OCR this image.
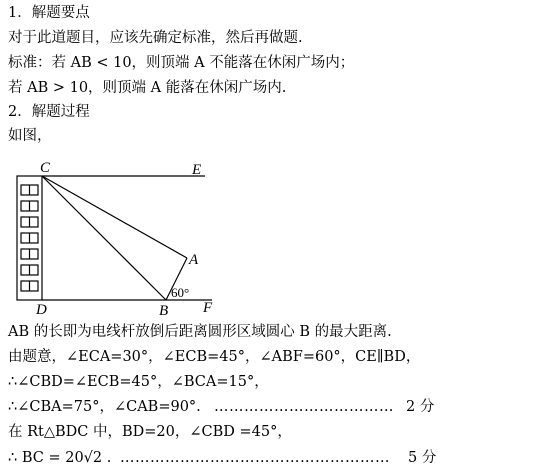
1．解题要点
对于此道题目，应该先确定标准，然后再做题.
标准：若 AB < 10，则顶端 A 不能落在休闲广场内；
若 AB > 10，则顶端 A 能落在休闲广场内.
2．解题过程
如图，
C	E
A
60°
D	B F
AB 的长即为电线杆放倒后距离圆形区域圆心 B 的最大距离.
由题意，∠ECA=30°，∠ECB=45°，∠ABF=60°，CE∥BD，
∴∠CBD=∠ECB=45°，∠BCA=15°，
∴∠CBA=75°，∠CAB=90°. ……………………………… 2 分
在 Rt△BDC 中，BD=20，∠CBD =45°，
∴ BC = 20√2 . ……………………………………………… 5 分
